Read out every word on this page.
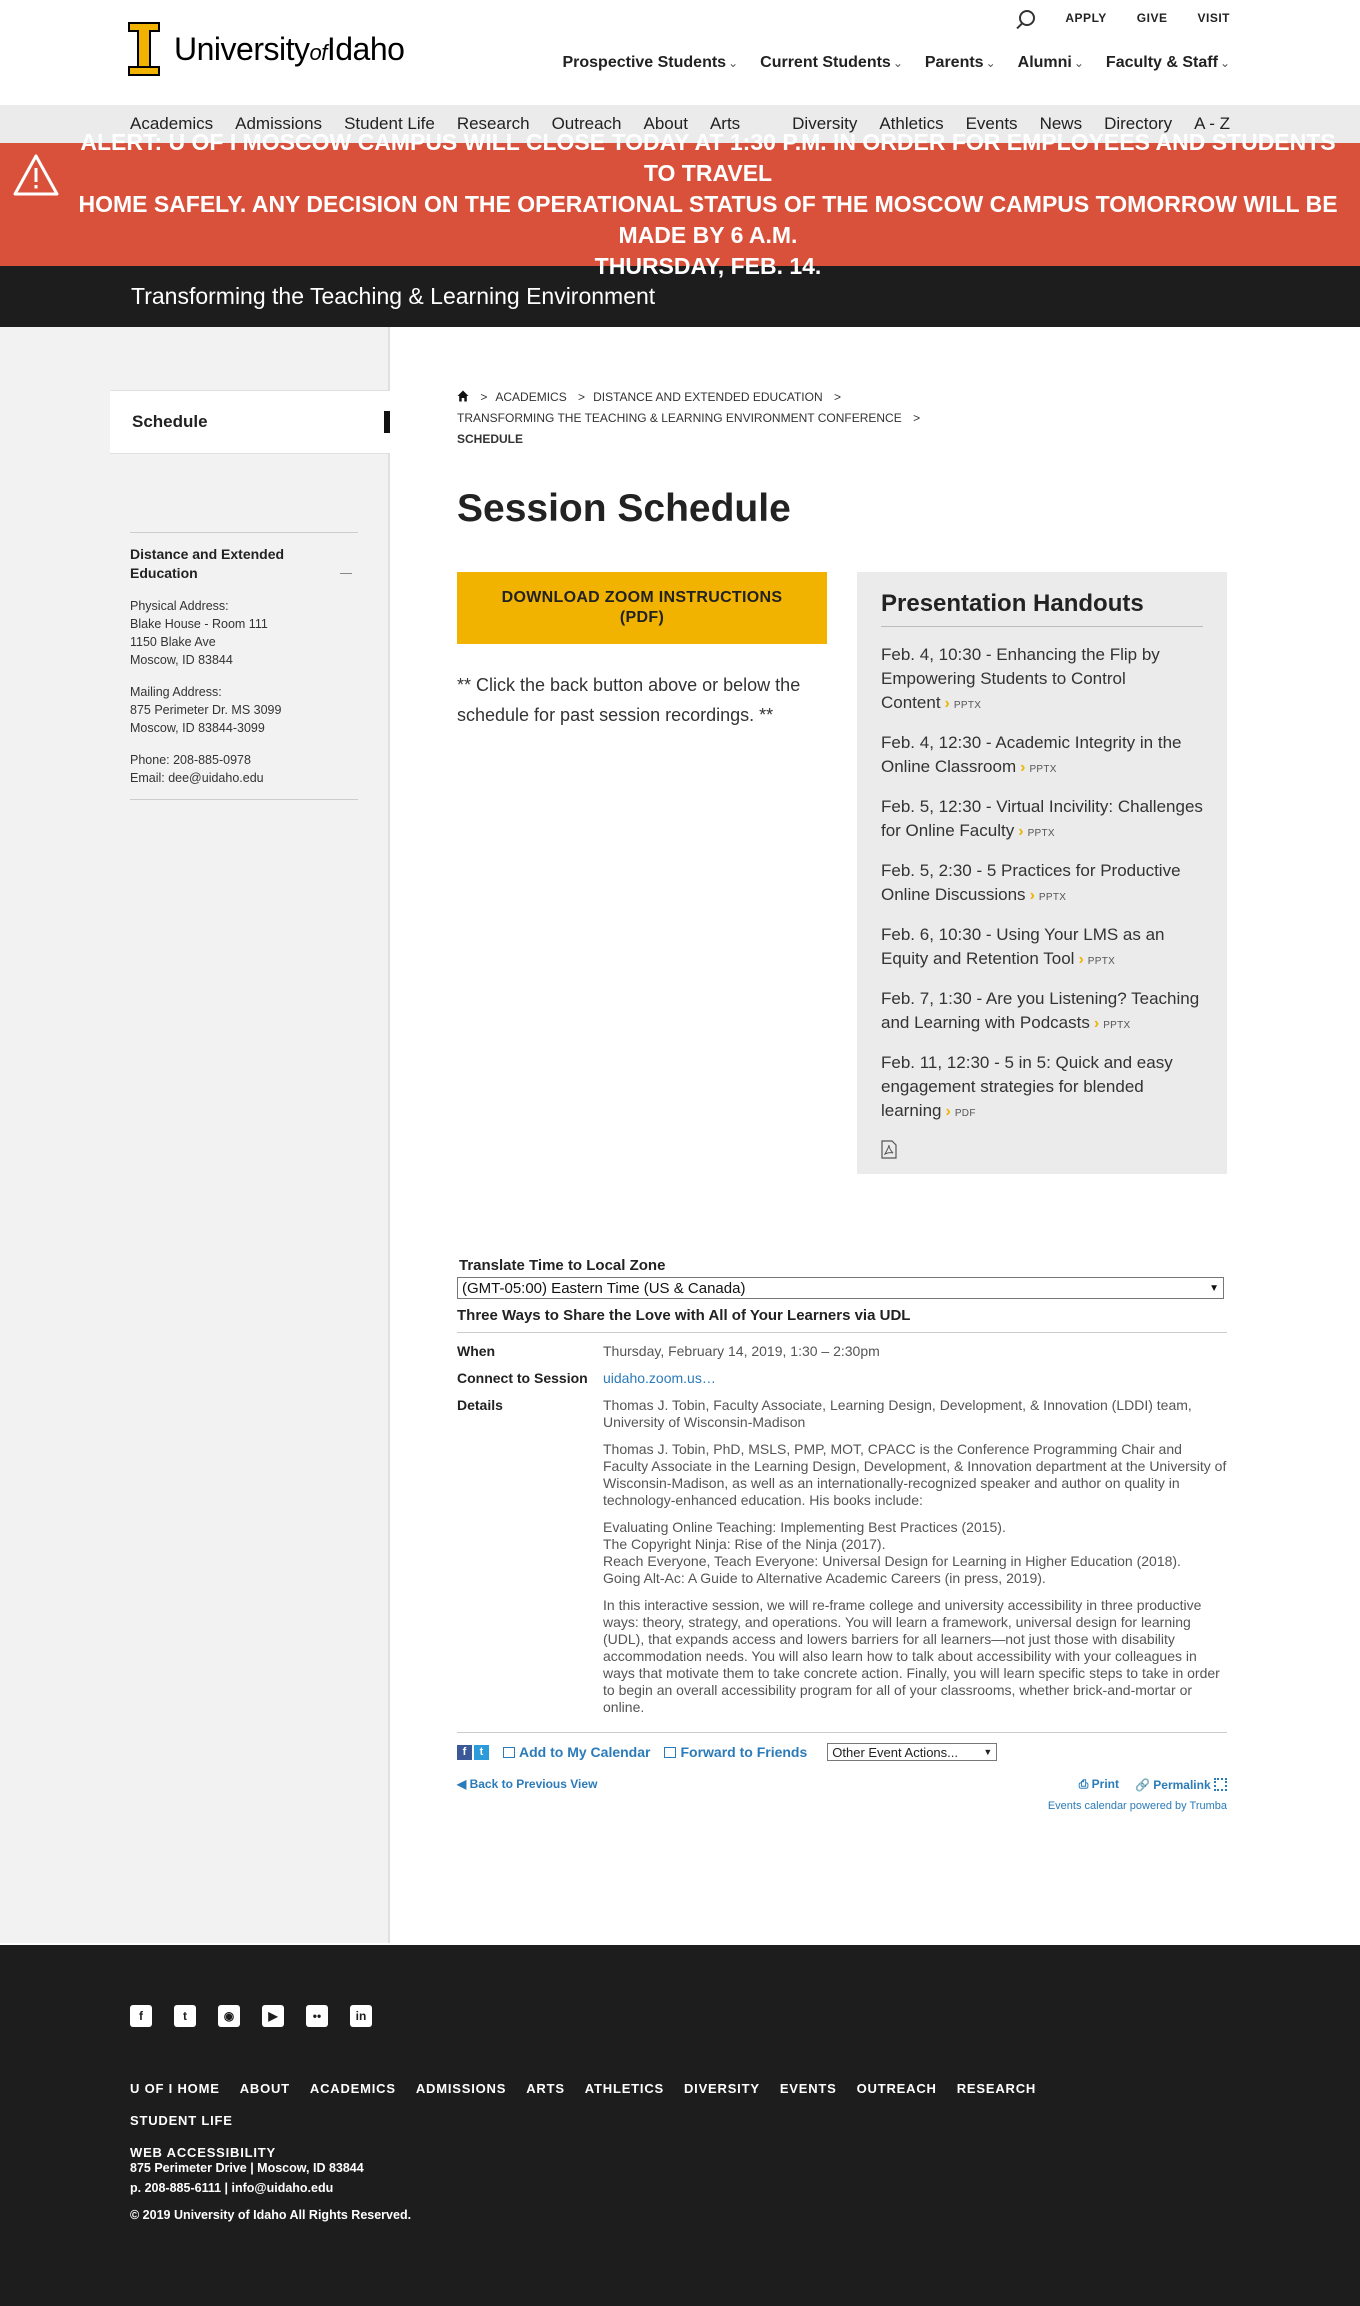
UniversityofIdaho
APPLY	GIVE	VISIT
Prospective Students ⌄ Current Students ⌄ Parents ⌄ Alumni ⌄ Faculty & Staff ⌄
Academics Admissions Student Life Research Outreach About Arts	Diversity Athletics Events News Directory A - Z
ALERT: U OF I MOSCOW CAMPUS WILL CLOSE TODAY AT 1:30 P.M. IN ORDER FOR EMPLOYEES AND STUDENTS TO TRAVEL
HOME SAFELY. ANY DECISION ON THE OPERATIONAL STATUS OF THE MOSCOW CAMPUS TOMORROW WILL BE MADE BY 6 A.M.
THURSDAY, FEB. 14.
Transforming the Teaching & Learning Environment
Schedule
Distance and Extended Education

Physical Address:
Blake House - Room 111
1150 Blake Ave
Moscow, ID 83844

Mailing Address:
875 Perimeter Dr. MS 3099
Moscow, ID 83844-3099

Phone: 208-885-0978
Email: dee@uidaho.edu

> ACADEMICS > DISTANCE AND EXTENDED EDUCATION >
TRANSFORMING THE TEACHING & LEARNING ENVIRONMENT CONFERENCE >
SCHEDULE
Session Schedule
DOWNLOAD ZOOM INSTRUCTIONS (PDF)

** Click the back button above or below the schedule for past session recordings. **

Presentation Handouts
Feb. 4, 10:30 - Enhancing the Flip by Empowering Students to Control Content › PPTX
Feb. 4, 12:30 - Academic Integrity in the Online Classroom › PPTX
Feb. 5, 12:30 - Virtual Incivility: Challenges for Online Faculty › PPTX
Feb. 5, 2:30 - 5 Practices for Productive Online Discussions › PPTX
Feb. 6, 10:30 - Using Your LMS as an Equity and Retention Tool › PPTX
Feb. 7, 1:30 - Are you Listening? Teaching and Learning with Podcasts › PPTX
Feb. 11, 12:30 - 5 in 5: Quick and easy engagement strategies for blended learning › PDF
Translate Time to Local Zone
(GMT-05:00) Eastern Time (US & Canada)	▼
Three Ways to Share the Love with All of Your Learners via UDL
When	Thursday, February 14, 2019, 1:30 – 2:30pm
Connect to Session	uidaho.zoom.us…
Details	Thomas J. Tobin, Faculty Associate, Learning Design, Development, & Innovation (LDDI) team, University of Wisconsin-Madison

Thomas J. Tobin, PhD, MSLS, PMP, MOT, CPACC is the Conference Programming Chair and Faculty Associate in the Learning Design, Development, & Innovation department at the University of Wisconsin-Madison, as well as an internationally-recognized speaker and author on quality in technology-enhanced education. His books include:

Evaluating Online Teaching: Implementing Best Practices (2015).
The Copyright Ninja: Rise of the Ninja (2017).
Reach Everyone, Teach Everyone: Universal Design for Learning in Higher Education (2018).
Going Alt-Ac: A Guide to Alternative Academic Careers (in press, 2019).

In this interactive session, we will re-frame college and university accessibility in three productive ways: theory, strategy, and operations. You will learn a framework, universal design for learning (UDL), that expands access and lowers barriers for all learners—not just those with disability accommodation needs. You will also learn how to talk about accessibility with your colleagues in ways that motivate them to take concrete action. Finally, you will learn specific steps to take in order to begin an overall accessibility program for all of your classrooms, whether brick-and-mortar or online.

f	t	Add to My Calendar	Forward to Friends Other Event Actions...	▼
◀ Back to Previous View	⎙ Print 🔗 Permalink
Events calendar powered by Trumba
f	t	◉	▶	••	in
U OF I HOME ABOUT ACADEMICS ADMISSIONS ARTS ATHLETICS DIVERSITY EVENTS OUTREACH RESEARCH
STUDENT LIFE
WEB ACCESSIBILITY
875 Perimeter Drive | Moscow, ID 83844
p. 208-885-6111 | info@uidaho.edu
© 2019 University of Idaho All Rights Reserved.
